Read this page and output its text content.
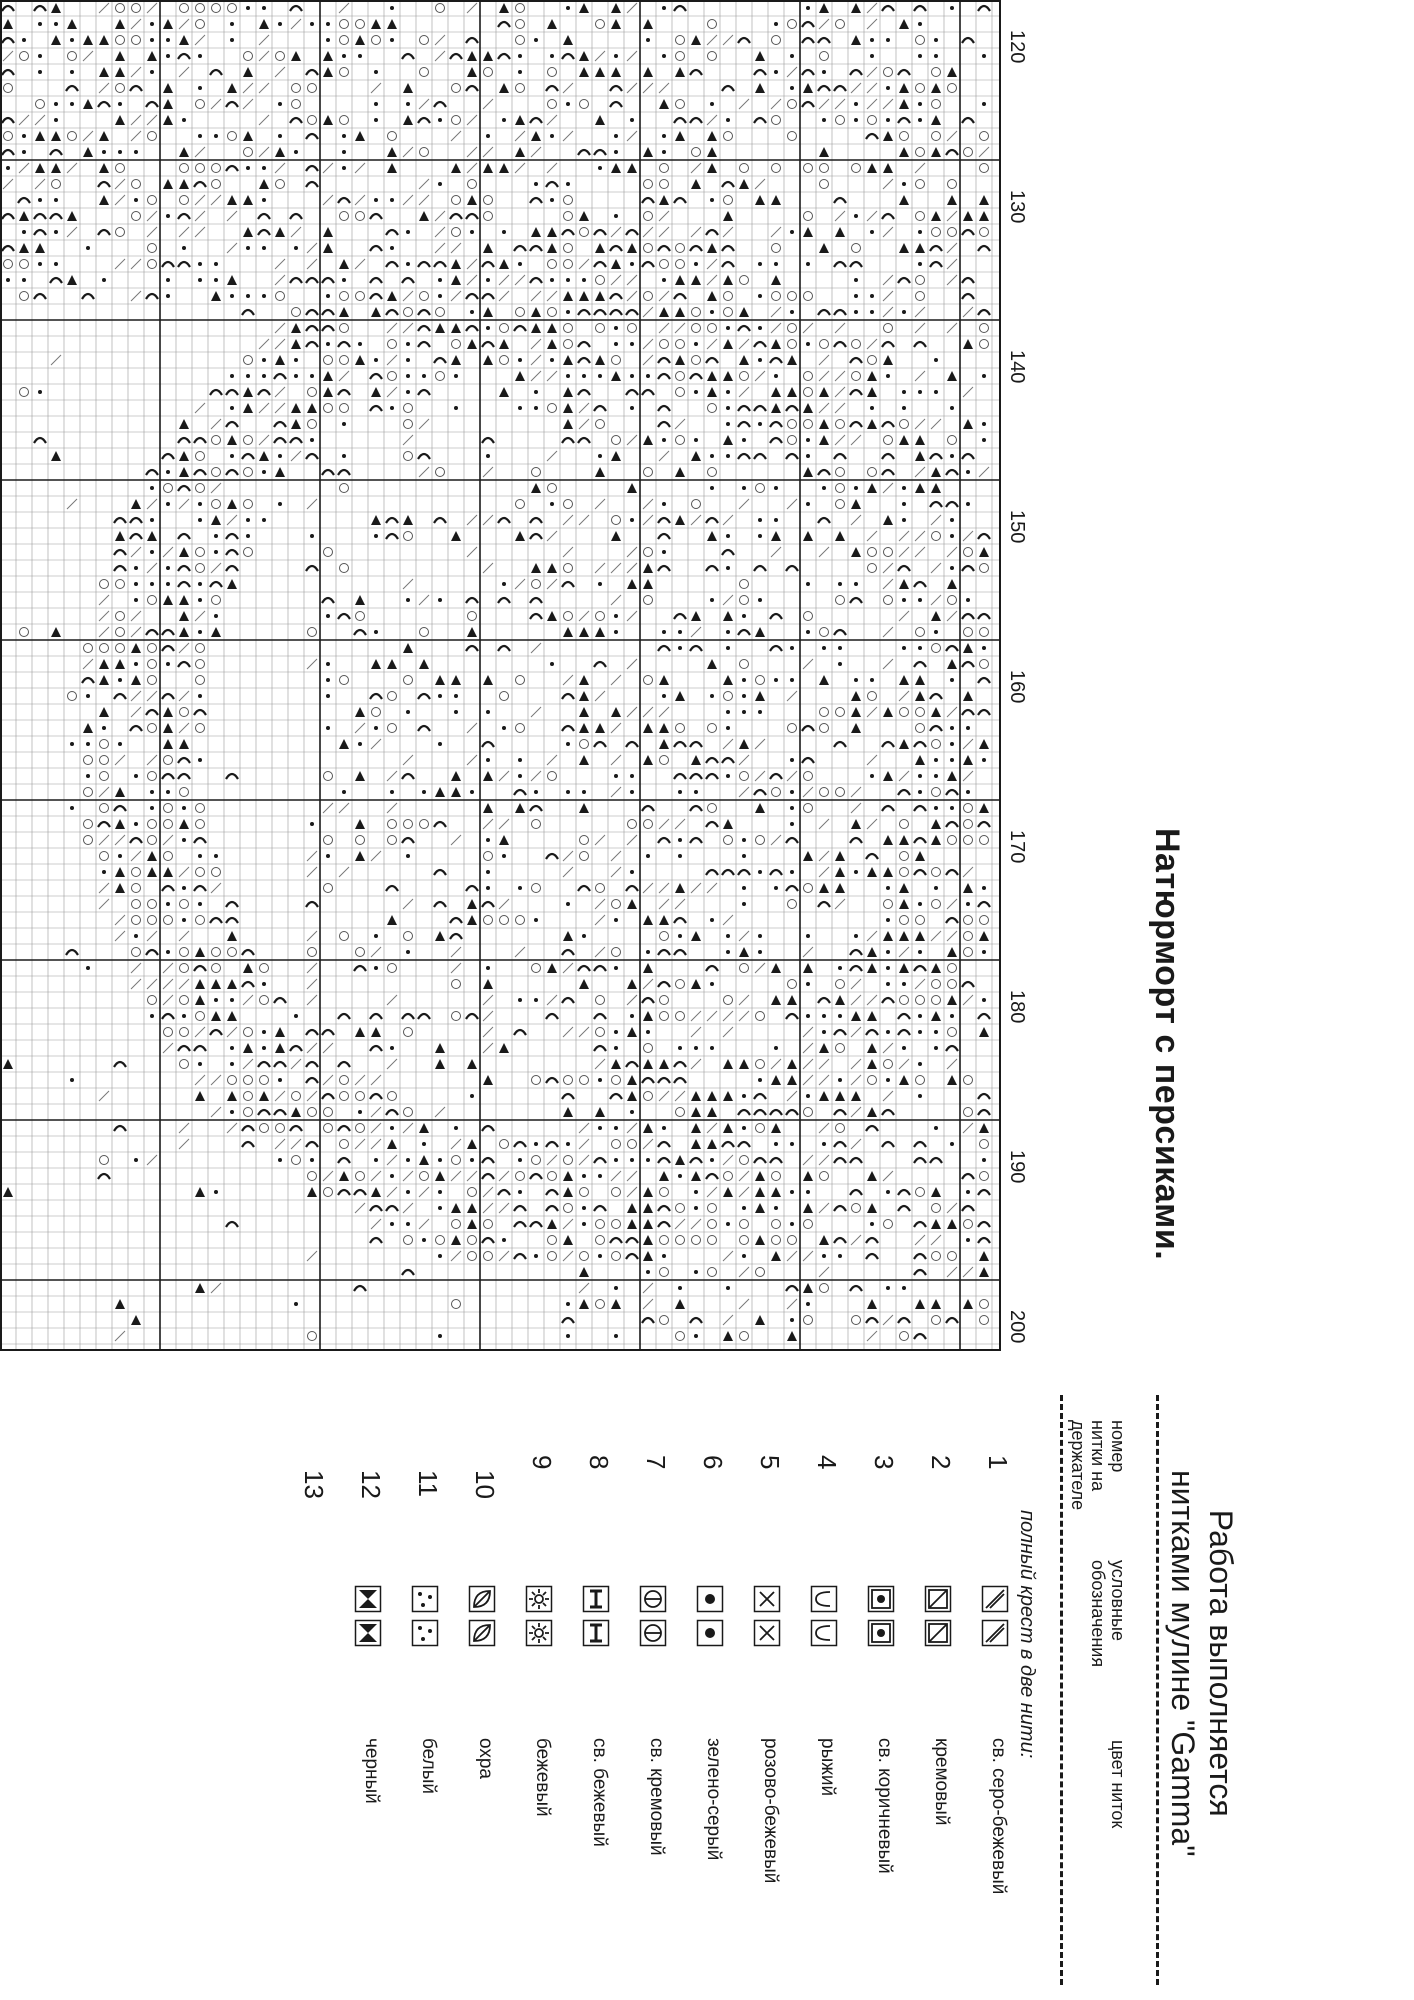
120
130
140
150
160
170
180
190
200
Натюрморт с персиками.
Работа выполняется
нитками мулине "Gamma"
номер
нитки на
держателе
условные
обозначения
цвет ниток
полный крест в две нити:
1
св. серо-бежевый
2
кремовый
3
св. коричневый
4
рыжий
5
розово-бежевый
6
зелено-серый
7
св. кремовый
8
св. бежевый
9
бежевый
10
охра
11
белый
12
черный
13
